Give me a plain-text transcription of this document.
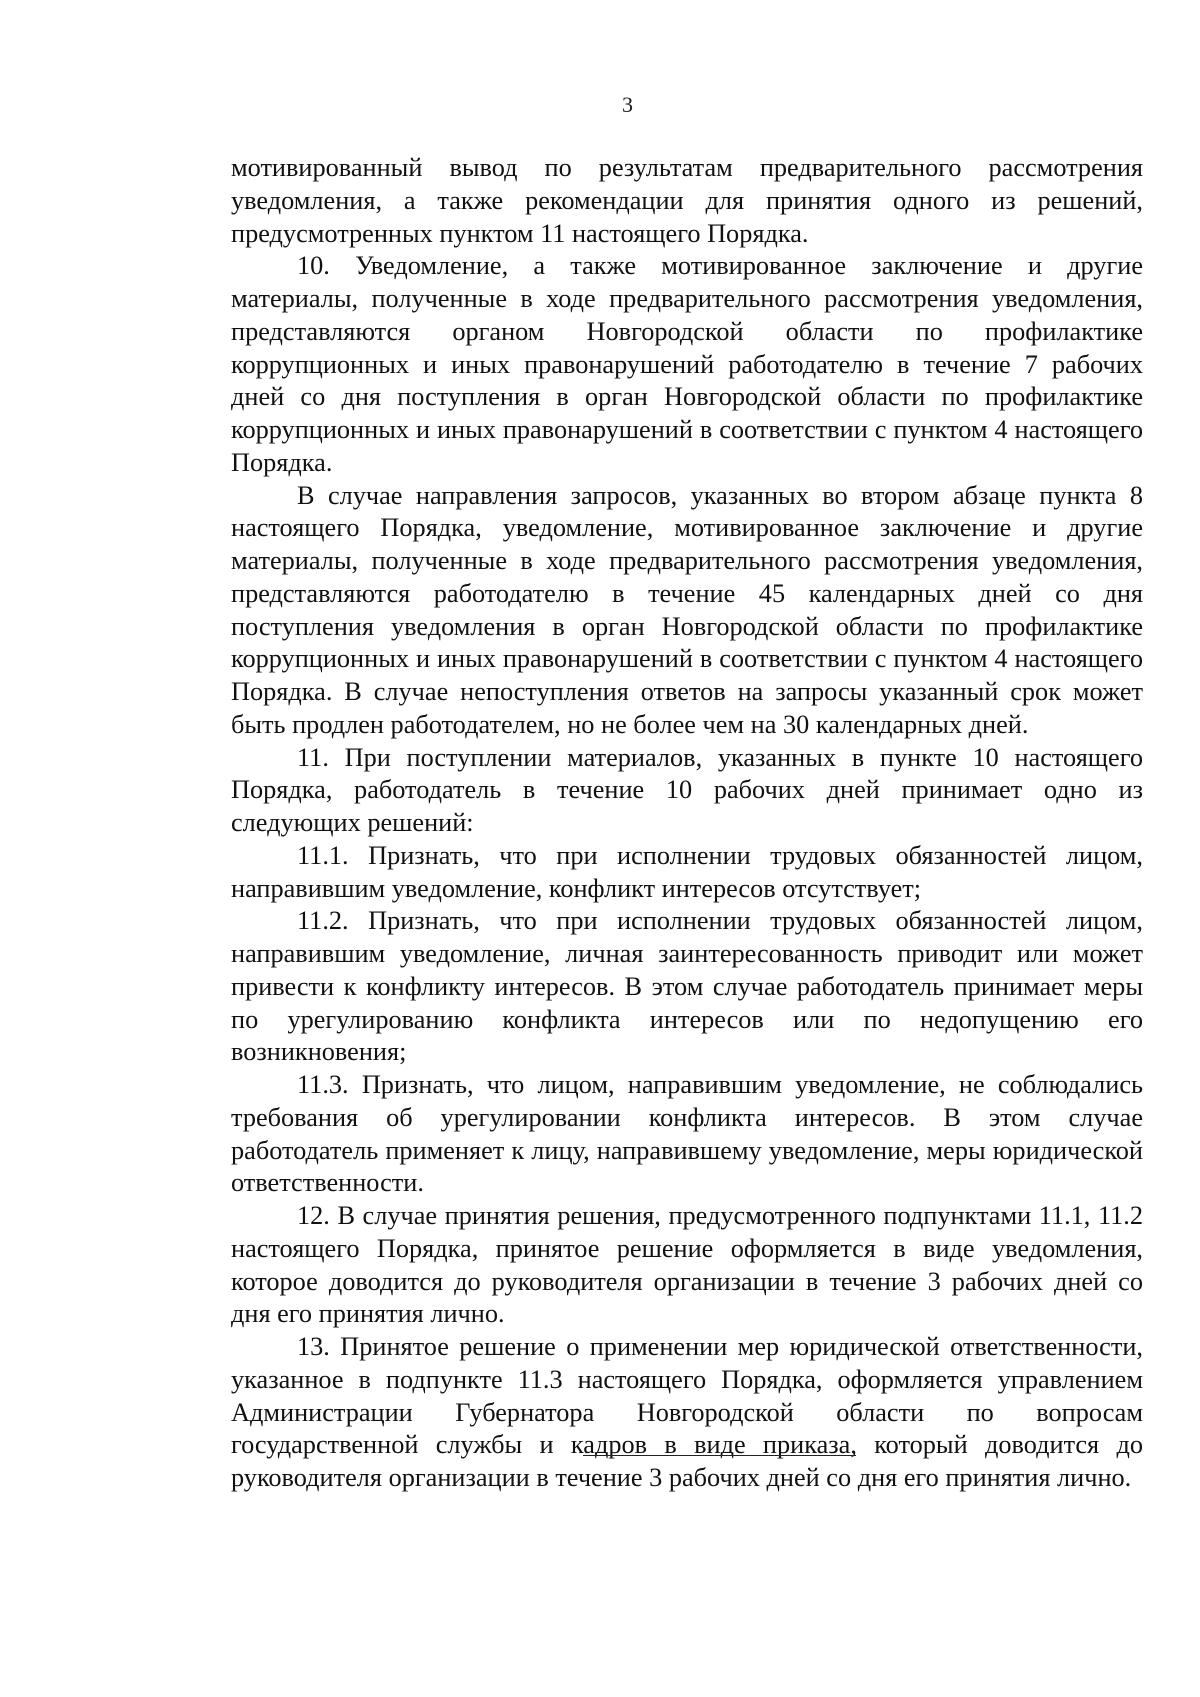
3

мотивированный вывод по результатам предварительного рассмотрения уведомления, а также рекомендации для принятия одного из решений, предусмотренных пунктом 11 настоящего Порядка.

10. Уведомление, а также мотивированное заключение и другие материалы, полученные в ходе предварительного рассмотрения уведомления, представляются органом Новгородской области по профилактике коррупционных и иных правонарушений работодателю в течение 7 рабочих дней со дня поступления в орган Новгородской области по профилактике коррупционных и иных правонарушений в соответствии с пунктом 4 настоящего Порядка.

В случае направления запросов, указанных во втором абзаце пункта 8 настоящего Порядка, уведомление, мотивированное заключение и другие материалы, полученные в ходе предварительного рассмотрения уведомления, представляются работодателю в течение 45 календарных дней со дня поступления уведомления в орган Новгородской области по профилактике коррупционных и иных правонарушений в соответствии с пунктом 4 настоящего Порядка. В случае непоступления ответов на запросы указанный срок может быть продлен работодателем, но не более чем на 30 календарных дней.

11. При поступлении материалов, указанных в пункте 10 настоящего Порядка, работодатель в течение 10 рабочих дней принимает одно из следующих решений:

11.1. Признать, что при исполнении трудовых обязанностей лицом, направившим уведомление, конфликт интересов отсутствует;

11.2. Признать, что при исполнении трудовых обязанностей лицом, направившим уведомление, личная заинтересованность приводит или может привести к конфликту интересов. В этом случае работодатель принимает меры по урегулированию конфликта интересов или по недопущению его возникновения;

11.3. Признать, что лицом, направившим уведомление, не соблюдались требования об урегулировании конфликта интересов. В этом случае работодатель применяет к лицу, направившему уведомление, меры юридической ответственности.

12. В случае принятия решения, предусмотренного подпунктами 11.1, 11.2 настоящего Порядка, принятое решение оформляется в виде уведомления, которое доводится до руководителя организации в течение 3 рабочих дней со дня его принятия лично.

13. Принятое решение о применении мер юридической ответственности, указанное в подпункте 11.3 настоящего Порядка, оформляется управлением Администрации Губернатора Новгородской области по вопросам государственной службы и кадров в виде приказа, который доводится до руководителя организации в течение 3 рабочих дней со дня его принятия лично.
